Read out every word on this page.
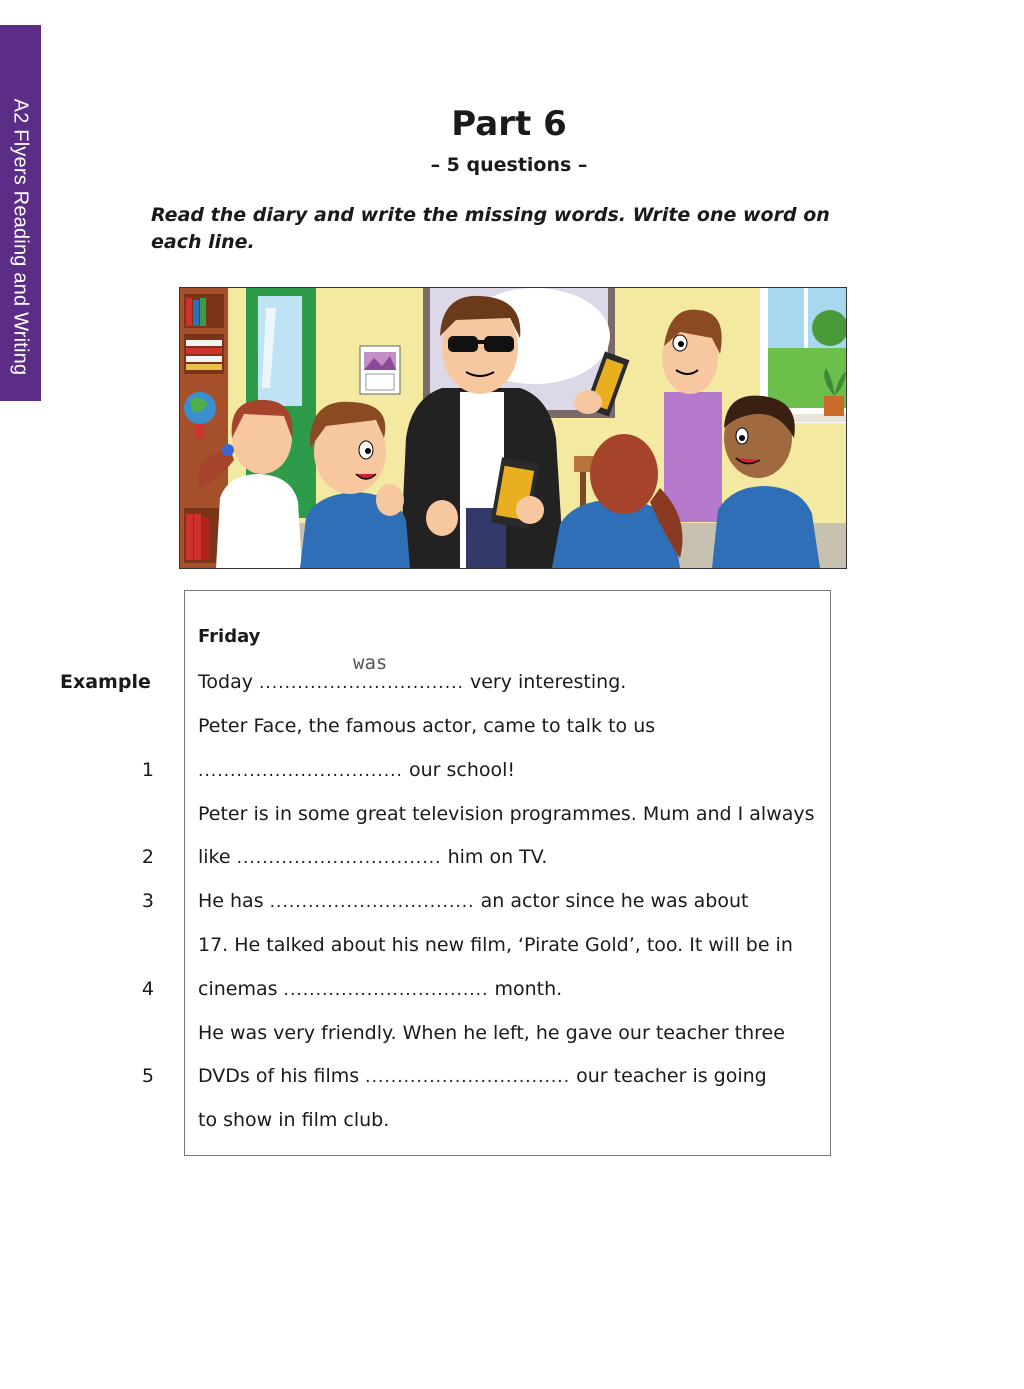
A2 Flyers Reading and Writing	Part 6
– 5 questions –
Read the diary and write the missing words. Write one word on each line.
Friday
Example Today ................................
was
very interesting.
Peter Face, the famous actor, came to talk to us
1	................................ our school!
Peter is in some great television programmes. Mum and I always
2 like ................................ him on TV.
3 He has ................................ an actor since he was about
17. He talked about his new film, ‘Pirate Gold’, too. It will be in
4 cinemas ................................ month.
He was very friendly. When he left, he gave our teacher three
5 DVDs of his films ................................ our teacher is going
to show in film club.
